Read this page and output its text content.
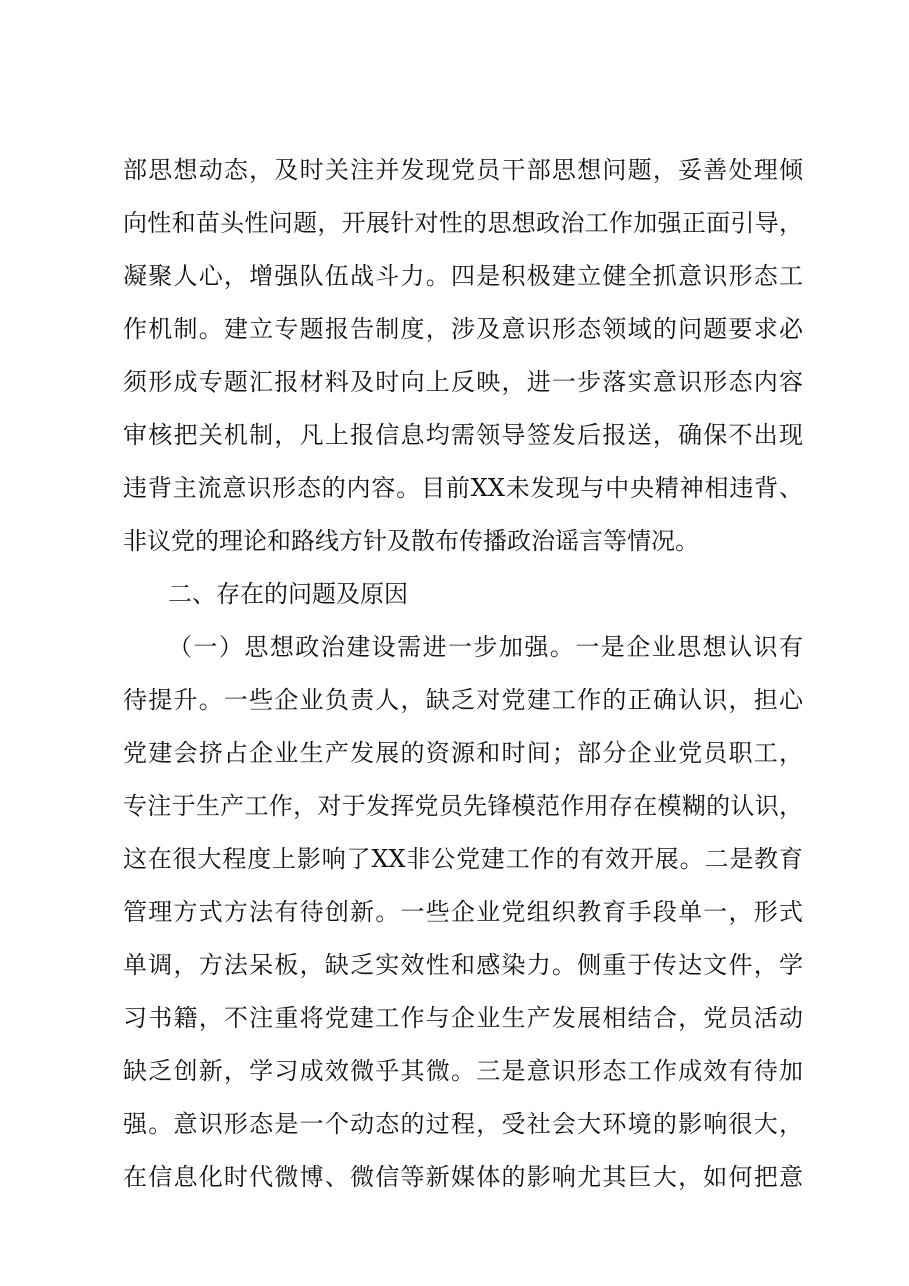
部思想动态，及时关注并发现党员干部思想问题，妥善处理倾
向性和苗头性问题，开展针对性的思想政治工作加强正面引导，
凝聚人心，增强队伍战斗力。四是积极建立健全抓意识形态工
作机制。建立专题报告制度，涉及意识形态领域的问题要求必
须形成专题汇报材料及时向上反映，进一步落实意识形态内容
审核把关机制，凡上报信息均需领导签发后报送，确保不出现
违背主流意识形态的内容。目前XX未发现与中央精神相违背、
非议党的理论和路线方针及散布传播政治谣言等情况。
二、存在的问题及原因
（一）思想政治建设需进一步加强。一是企业思想认识有
待提升。一些企业负责人，缺乏对党建工作的正确认识，担心
党建会挤占企业生产发展的资源和时间；部分企业党员职工，
专注于生产工作，对于发挥党员先锋模范作用存在模糊的认识，
这在很大程度上影响了XX非公党建工作的有效开展。二是教育
管理方式方法有待创新。一些企业党组织教育手段单一，形式
单调，方法呆板，缺乏实效性和感染力。侧重于传达文件，学
习书籍，不注重将党建工作与企业生产发展相结合，党员活动
缺乏创新，学习成效微乎其微。三是意识形态工作成效有待加
强。意识形态是一个动态的过程，受社会大环境的影响很大，
在信息化时代微博、微信等新媒体的影响尤其巨大，如何把意
